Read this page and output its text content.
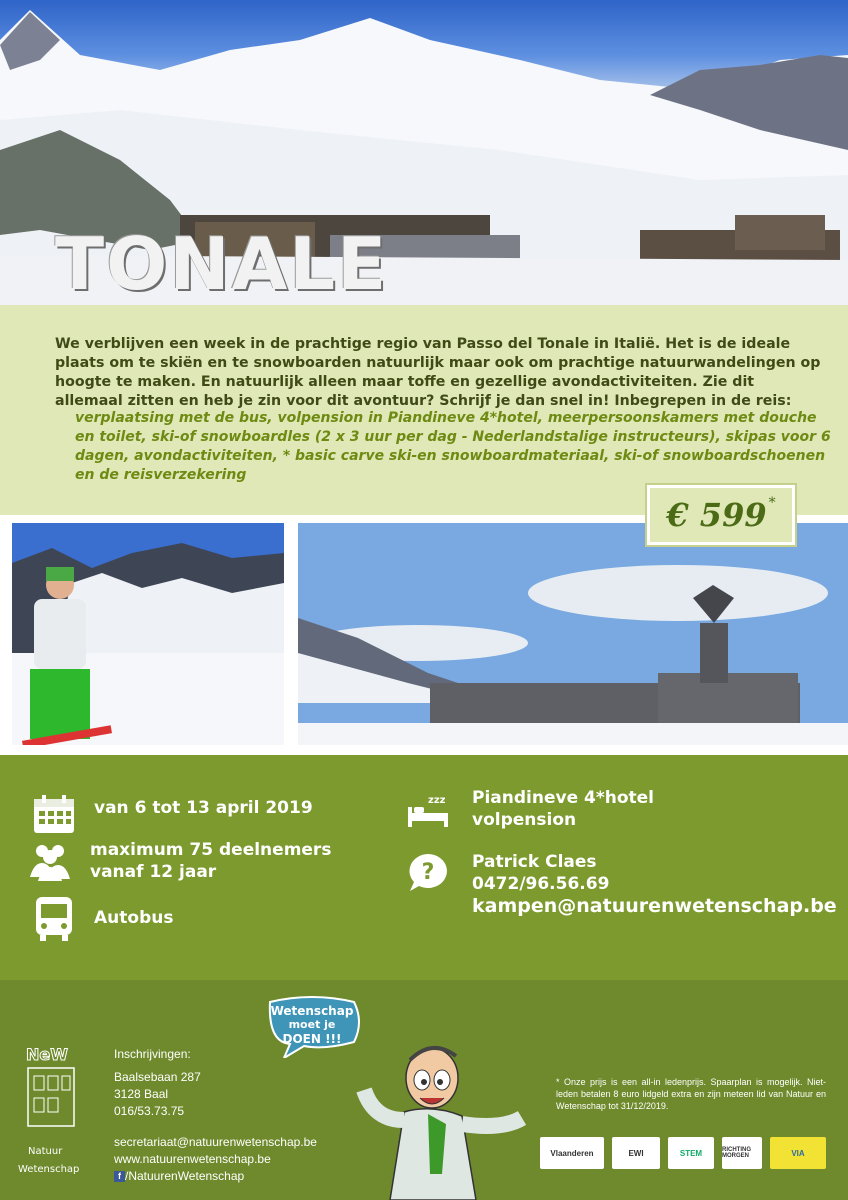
TONALE

We verblijven een week in de prachtige regio van Passo del Tonale in Italië. Het is de ideale plaats om te skiën en te snowboarden natuurlijk maar ook om prachtige natuurwandelingen op hoogte te maken. En natuurlijk alleen maar toffe en gezellige avondactiviteiten. Zie dit allemaal zitten en heb je zin voor dit avontuur? Schrijf je dan snel in! Inbegrepen in de reis:

verplaatsing met de bus, volpension in Piandineve 4*hotel, meerpersoonskamers met douche en toilet, ski-of snowboardles (2 x 3 uur per dag - Nederlandstalige instructeurs), skipas voor 6 dagen, avondactiviteiten, * basic carve ski-en snowboardmateriaal, ski-of snowboardschoenen en de reisverzekering
€ 599 *
van 6 tot 13 april 2019
maximum 75 deelnemers
vanaf 12 jaar
Autobus
zzz Piandineve 4*hotel
volpension
? Patrick Claes
0472/96.56.69
kampen@natuurenwetenschap.be
NeW
Natuur
Wetenschap
Inschrijvingen:
Baalsebaan 287
3128 Baal
016/53.73.75
secretariaat@natuurenwetenschap.be
www.natuurenwetenschap.be
f /NatuurenWetenschap
Wetenschap
moet je
DOEN !!!
* Onze prijs is een all-in ledenprijs. Spaarplan is mogelijk. Niet-leden betalen 8 euro lidgeld extra en zijn meteen lid van Natuur en Wetenschap tot 31/12/2019.
Vlaanderen	EWI	STEM	RICHTING MORGEN	VIA
